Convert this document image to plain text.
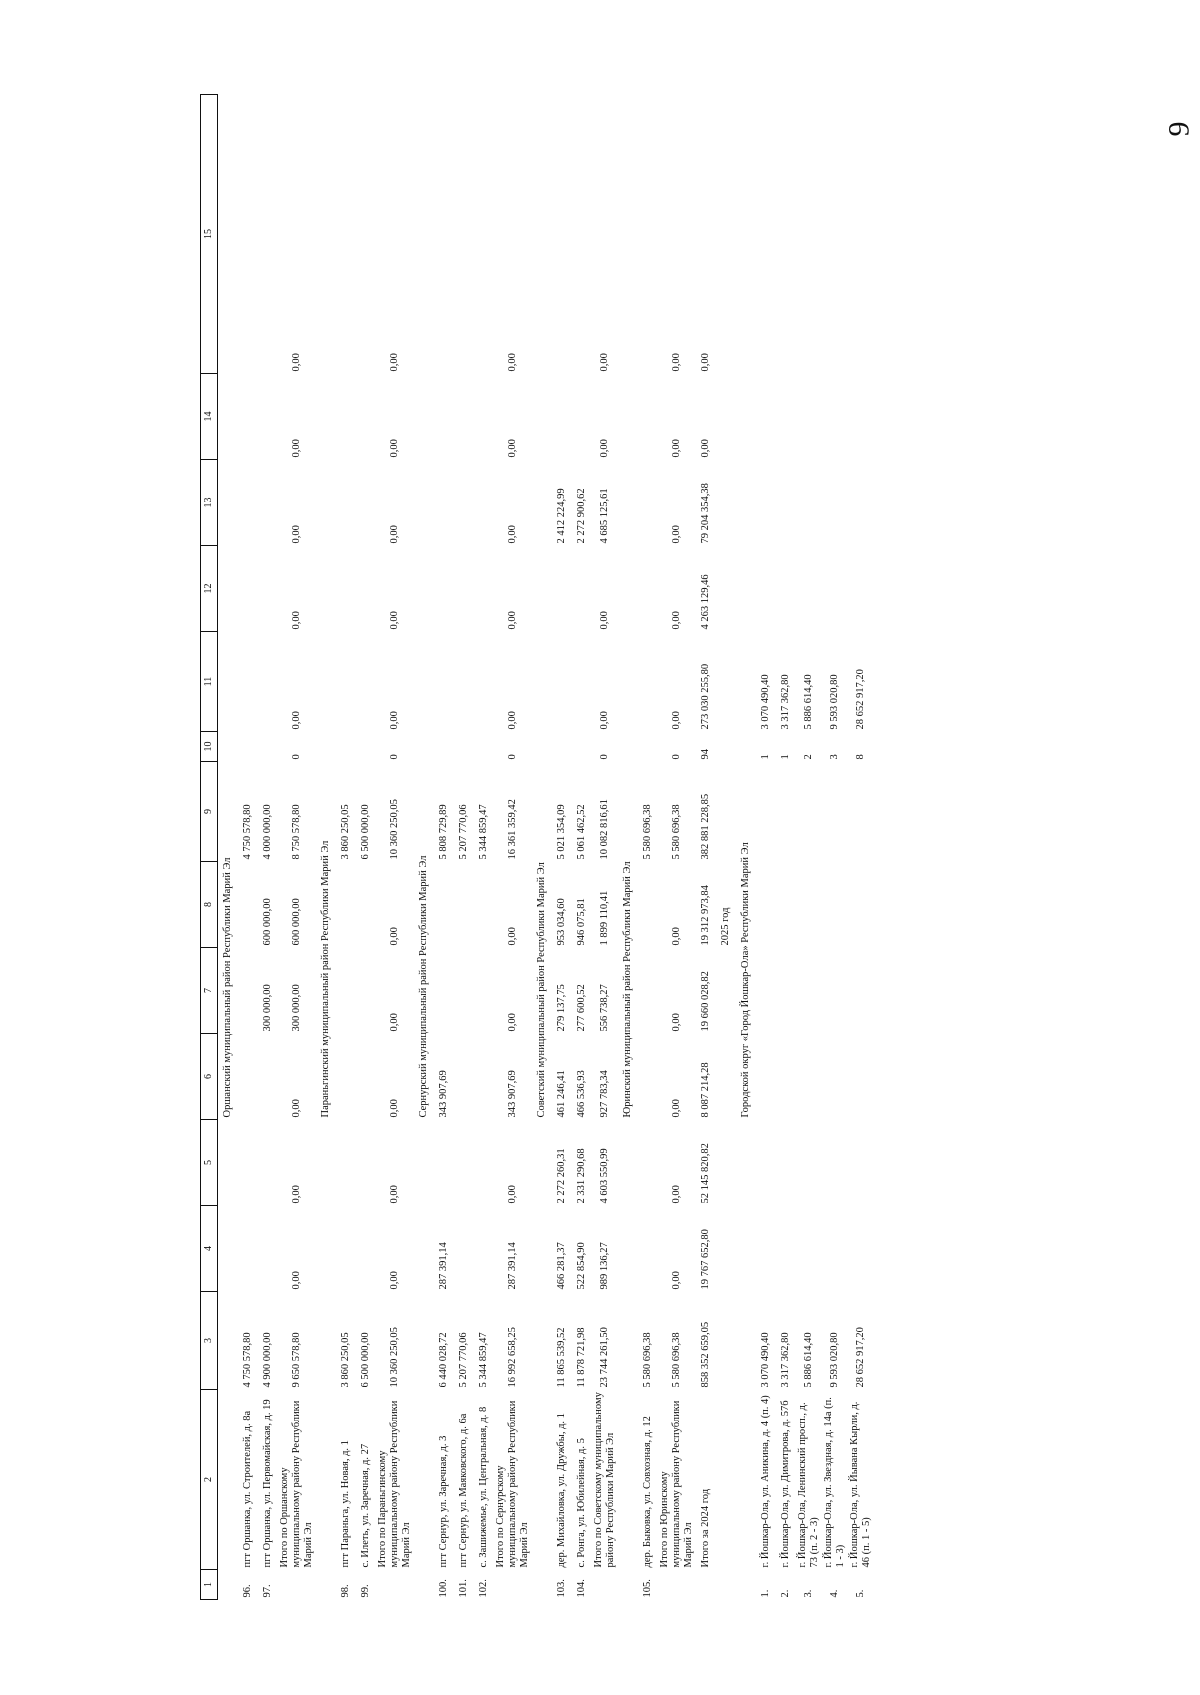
9
1	2	3	4	5	6	7	8	9	10	11	12	13	14	15
					Оршанский муниципальный район Республики Марий Эл									
96.	пгт Оршанка, ул. Строителей, д. 8а	4 750 578,80						4 750 578,80						
97.	пгт Оршанка, ул. Первомайская, д. 19	4 900 000,00				300 000,00	600 000,00	4 000 000,00						
	Итого по Оршанскому муниципальному району Республики Марий Эл	9 650 578,80	0,00	0,00	0,00	300 000,00	600 000,00	8 750 578,80	0	0,00	0,00	0,00	0,00	0,00
					Параньгинский муниципальный район Республики Марий Эл									
98.	пгт Параньга, ул. Новая, д. 1	3 860 250,05						3 860 250,05						
99.	с. Илеть, ул. Заречная, д. 27	6 500 000,00						6 500 000,00						
	Итого по Параньгинскому муниципальному району Республики Марий Эл	10 360 250,05	0,00	0,00	0,00	0,00	0,00	10 360 250,05	0	0,00	0,00	0,00	0,00	0,00
					Сернурский муниципальный район Республики Марий Эл									
100.	пгт Сернур, ул. Заречная, д. 3	6 440 028,72	287 391,14		343 907,69			5 808 729,89						
101.	пгт Сернур, ул. Маяковского, д. 6а	5 207 770,06						5 207 770,06						
102.	с. Зашижемье, ул. Центральная, д. 8	5 344 859,47						5 344 859,47						
	Итого по Сернурскому муниципальному району Республики Марий Эл	16 992 658,25	287 391,14	0,00	343 907,69	0,00	0,00	16 361 359,42	0	0,00	0,00	0,00	0,00	0,00
					Советский муниципальный район Республики Марий Эл									
103.	дер. Михайловка, ул. Дружбы, д. 1	11 865 539,52	466 281,37	2 272 260,31	461 246,41	279 137,75	953 034,60	5 021 354,09				2 412 224,99		
104.	с. Ронга, ул. Юбилейная, д. 5	11 878 721,98	522 854,90	2 331 290,68	466 536,93	277 600,52	946 075,81	5 061 462,52				2 272 900,62		
	Итого по Советскому муниципальному району Республики Марий Эл	23 744 261,50	989 136,27	4 603 550,99	927 783,34	556 738,27	1 899 110,41	10 082 816,61	0	0,00	0,00	4 685 125,61	0,00	0,00
					Юринский муниципальный район Республики Марий Эл									
105.	дер. Быковка, ул. Совхозная, д. 12	5 580 696,38						5 580 696,38						
	Итого по Юринскому муниципальному району Республики Марий Эл	5 580 696,38	0,00	0,00	0,00	0,00	0,00	5 580 696,38	0	0,00	0,00	0,00	0,00	0,00
	Итого за 2024 год	858 352 659,05	19 767 652,80	52 145 820,82	8 087 214,28	19 660 028,82	19 312 973,84	382 881 228,85	94	273 030 255,80	4 263 129,46	79 204 354,38	0,00	0,00
							2025 год							
					Городской округ «Город Йошкар-Ола» Республики Марий Эл									
1.	г. Йошкар-Ола, ул. Аникина, д. 4 (п. 4)	3 070 490,40							1	3 070 490,40				
2.	г. Йошкар-Ола, ул. Димитрова, д. 57б	3 317 362,80							1	3 317 362,80				
3.	г. Йошкар-Ола, Ленинский просп., д. 73 (п. 2 - 3)	5 886 614,40							2	5 886 614,40				
4.	г. Йошкар-Ола, ул. Звездная, д. 14а (п. 1 - 3)	9 593 020,80							3	9 593 020,80				
5.	г. Йошкар-Ола, ул. Йывана Кырли, д. 46 (п. 1 - 5)	28 652 917,20							8	28 652 917,20				
